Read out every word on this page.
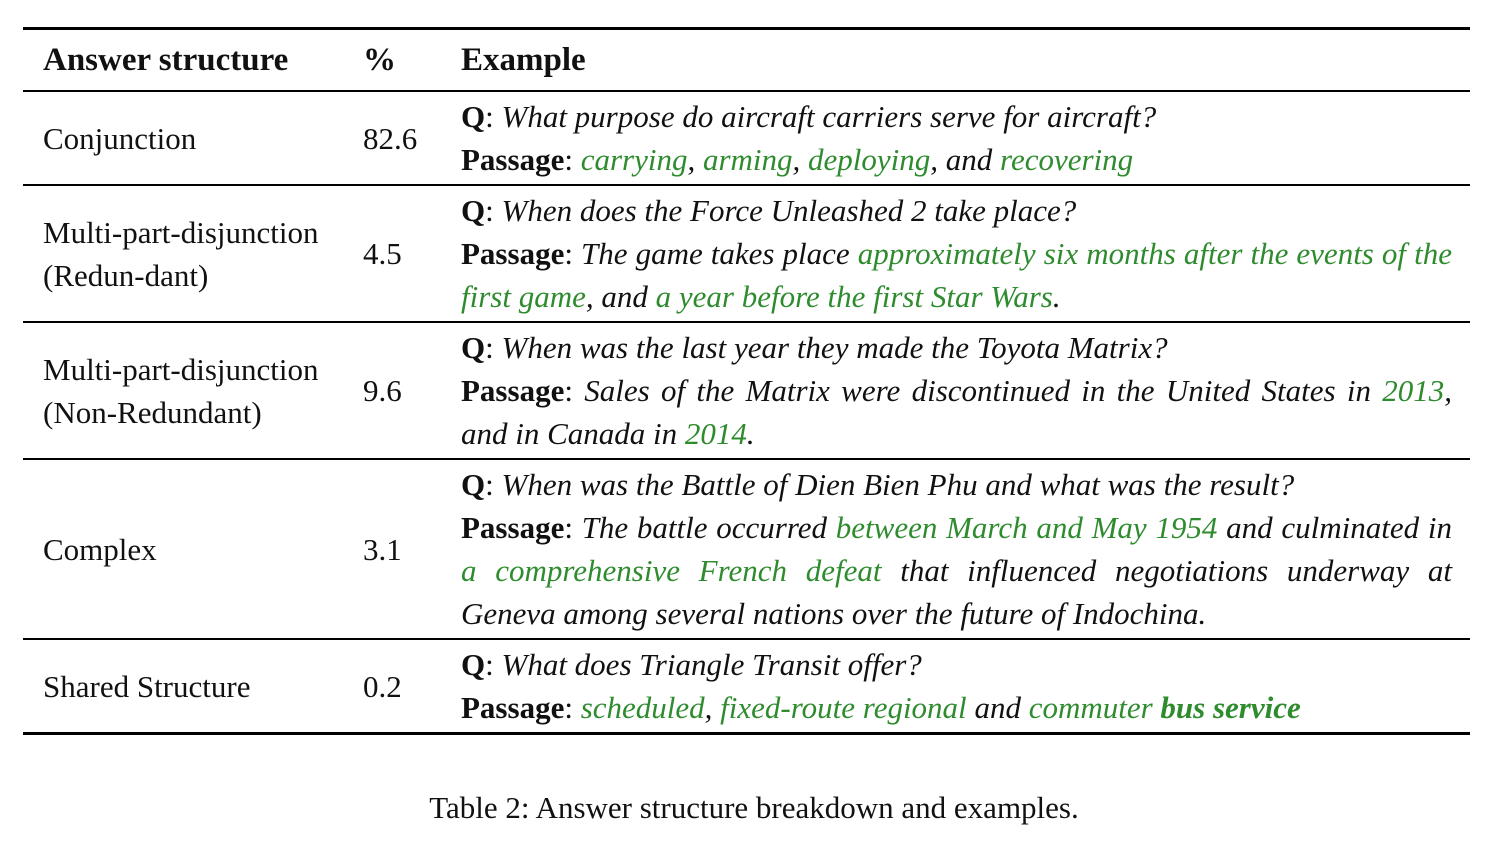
Answer structure	%	Example
Conjunction	82.6	Q: What purpose do aircraft carriers serve for aircraft?
Passage: carrying, arming, deploying, and recovering

Multi-part-disjunction (Redun-dant)	4.5	Q: When does the Force Unleashed 2 take place?
Passage: The game takes place approximately six months after the events of the first game, and a year before the first Star Wars.

Multi-part-disjunction (Non-Redundant)	9.6	Q: When was the last year they made the Toyota Matrix?
Passage: Sales of the Matrix were discontinued in the United States in 2013, and in Canada in 2014.

Complex	3.1	Q: When was the Battle of Dien Bien Phu and what was the result?
Passage: The battle occurred between March and May 1954 and culminated in a comprehensive French defeat that influenced negotiations underway at Geneva among several nations over the future of Indochina.

Shared Structure	0.2	Q: What does Triangle Transit offer?
Passage: scheduled, fixed-route regional and commuter bus service
Table 2: Answer structure breakdown and examples.
